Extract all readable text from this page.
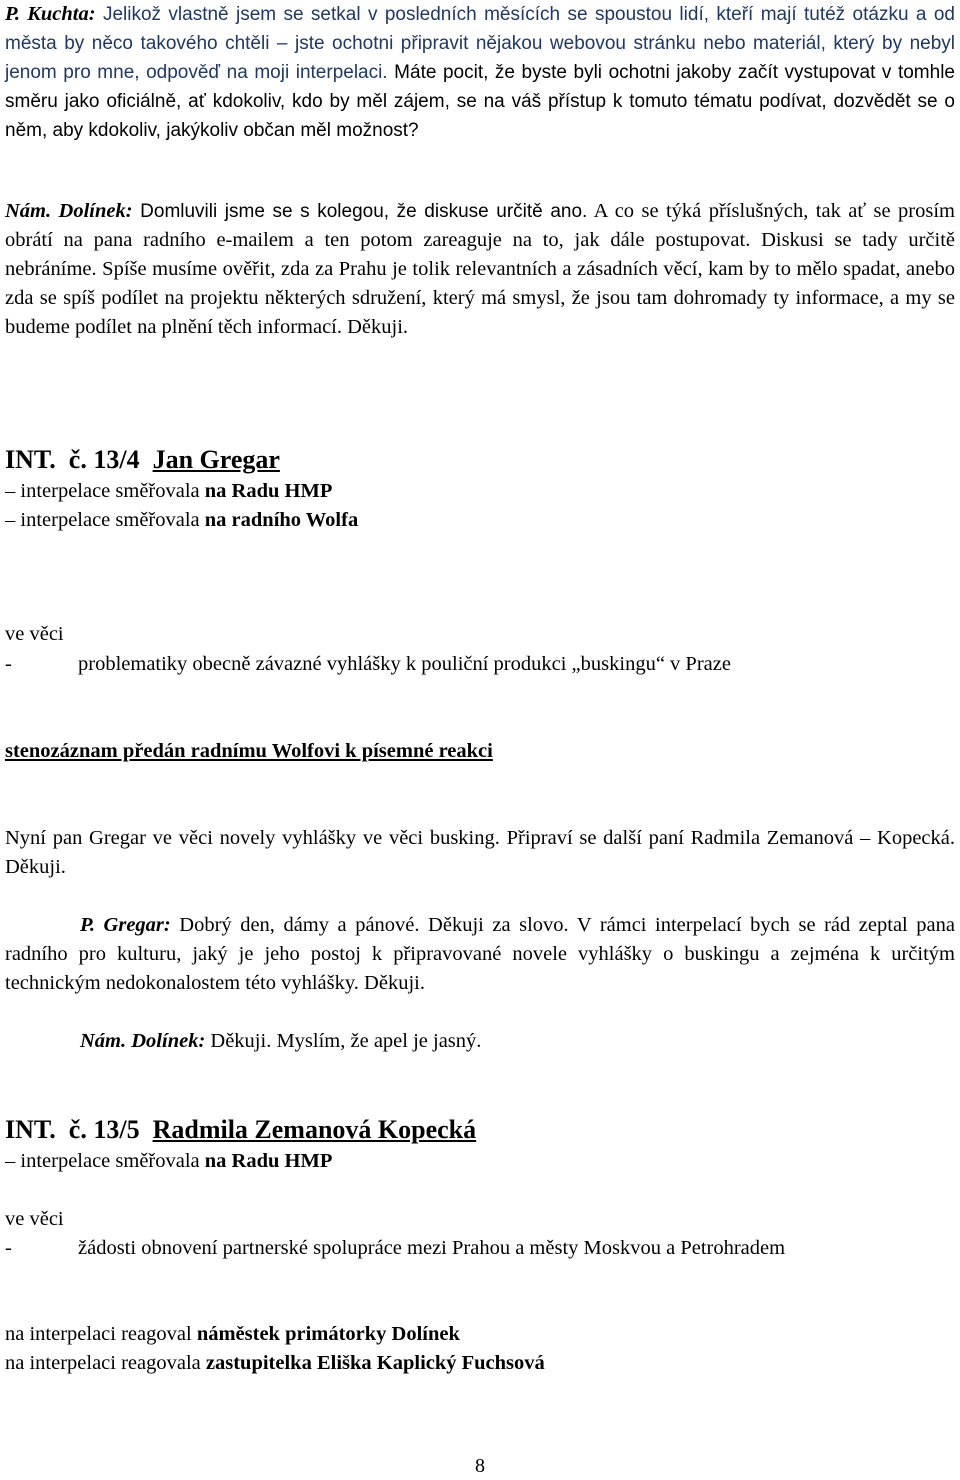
P. Kuchta: Jelikož vlastně jsem se setkal v posledních měsících se spoustou lidí, kteří mají tutéž otázku a od města by něco takového chtěli – jste ochotni připravit nějakou webovou stránku nebo materiál, který by nebyl jenom pro mne, odpověď na moji interpelaci. Máte pocit, že byste byli ochotni jakoby začít vystupovat v tomhle směru jako oficiálně, ať kdokoliv, kdo by měl zájem, se na váš přístup k tomuto tématu podívat, dozvědět se o něm, aby kdokoliv, jakýkoliv občan měl možnost?
Nám. Dolínek: Domluvili jsme se s kolegou, že diskuse určitě ano. A co se týká příslušných, tak ať se prosím obrátí na pana radního e-mailem a ten potom zareaguje na to, jak dále postupovat. Diskusi se tady určitě nebráníme. Spíše musíme ověřit, zda za Prahu je tolik relevantních a zásadních věcí, kam by to mělo spadat, anebo zda se spíš podílet na projektu některých sdružení, který má smysl, že jsou tam dohromady ty informace, a my se budeme podílet na plnění těch informací. Děkuji.
INT.  č. 13/4  Jan Gregar
– interpelace směřovala na Radu HMP
– interpelace směřovala na radního Wolfa
ve věci
-	problematiky obecně závazné vyhlášky k pouliční produkci „buskingu“ v Praze
stenozáznam předán radnímu Wolfovi k písemné reakci
Nyní pan Gregar ve věci novely vyhlášky ve věci busking. Připraví se další paní Radmila Zemanová – Kopecká. Děkuji.
P. Gregar: Dobrý den, dámy a pánové. Děkuji za slovo. V rámci interpelací bych se rád zeptal pana radního pro kulturu, jaký je jeho postoj k připravované novele vyhlášky o buskingu a zejména k určitým technickým nedokonalostem této vyhlášky. Děkuji.
Nám. Dolínek: Děkuji. Myslím, že apel je jasný.
INT.  č. 13/5  Radmila Zemanová Kopecká
– interpelace směřovala na Radu HMP
ve věci
-	žádosti obnovení partnerské spolupráce mezi Prahou a městy Moskvou a Petrohradem
na interpelaci reagoval náměstek primátorky Dolínek
na interpelaci reagovala zastupitelka Eliška Kaplický Fuchsová
8
